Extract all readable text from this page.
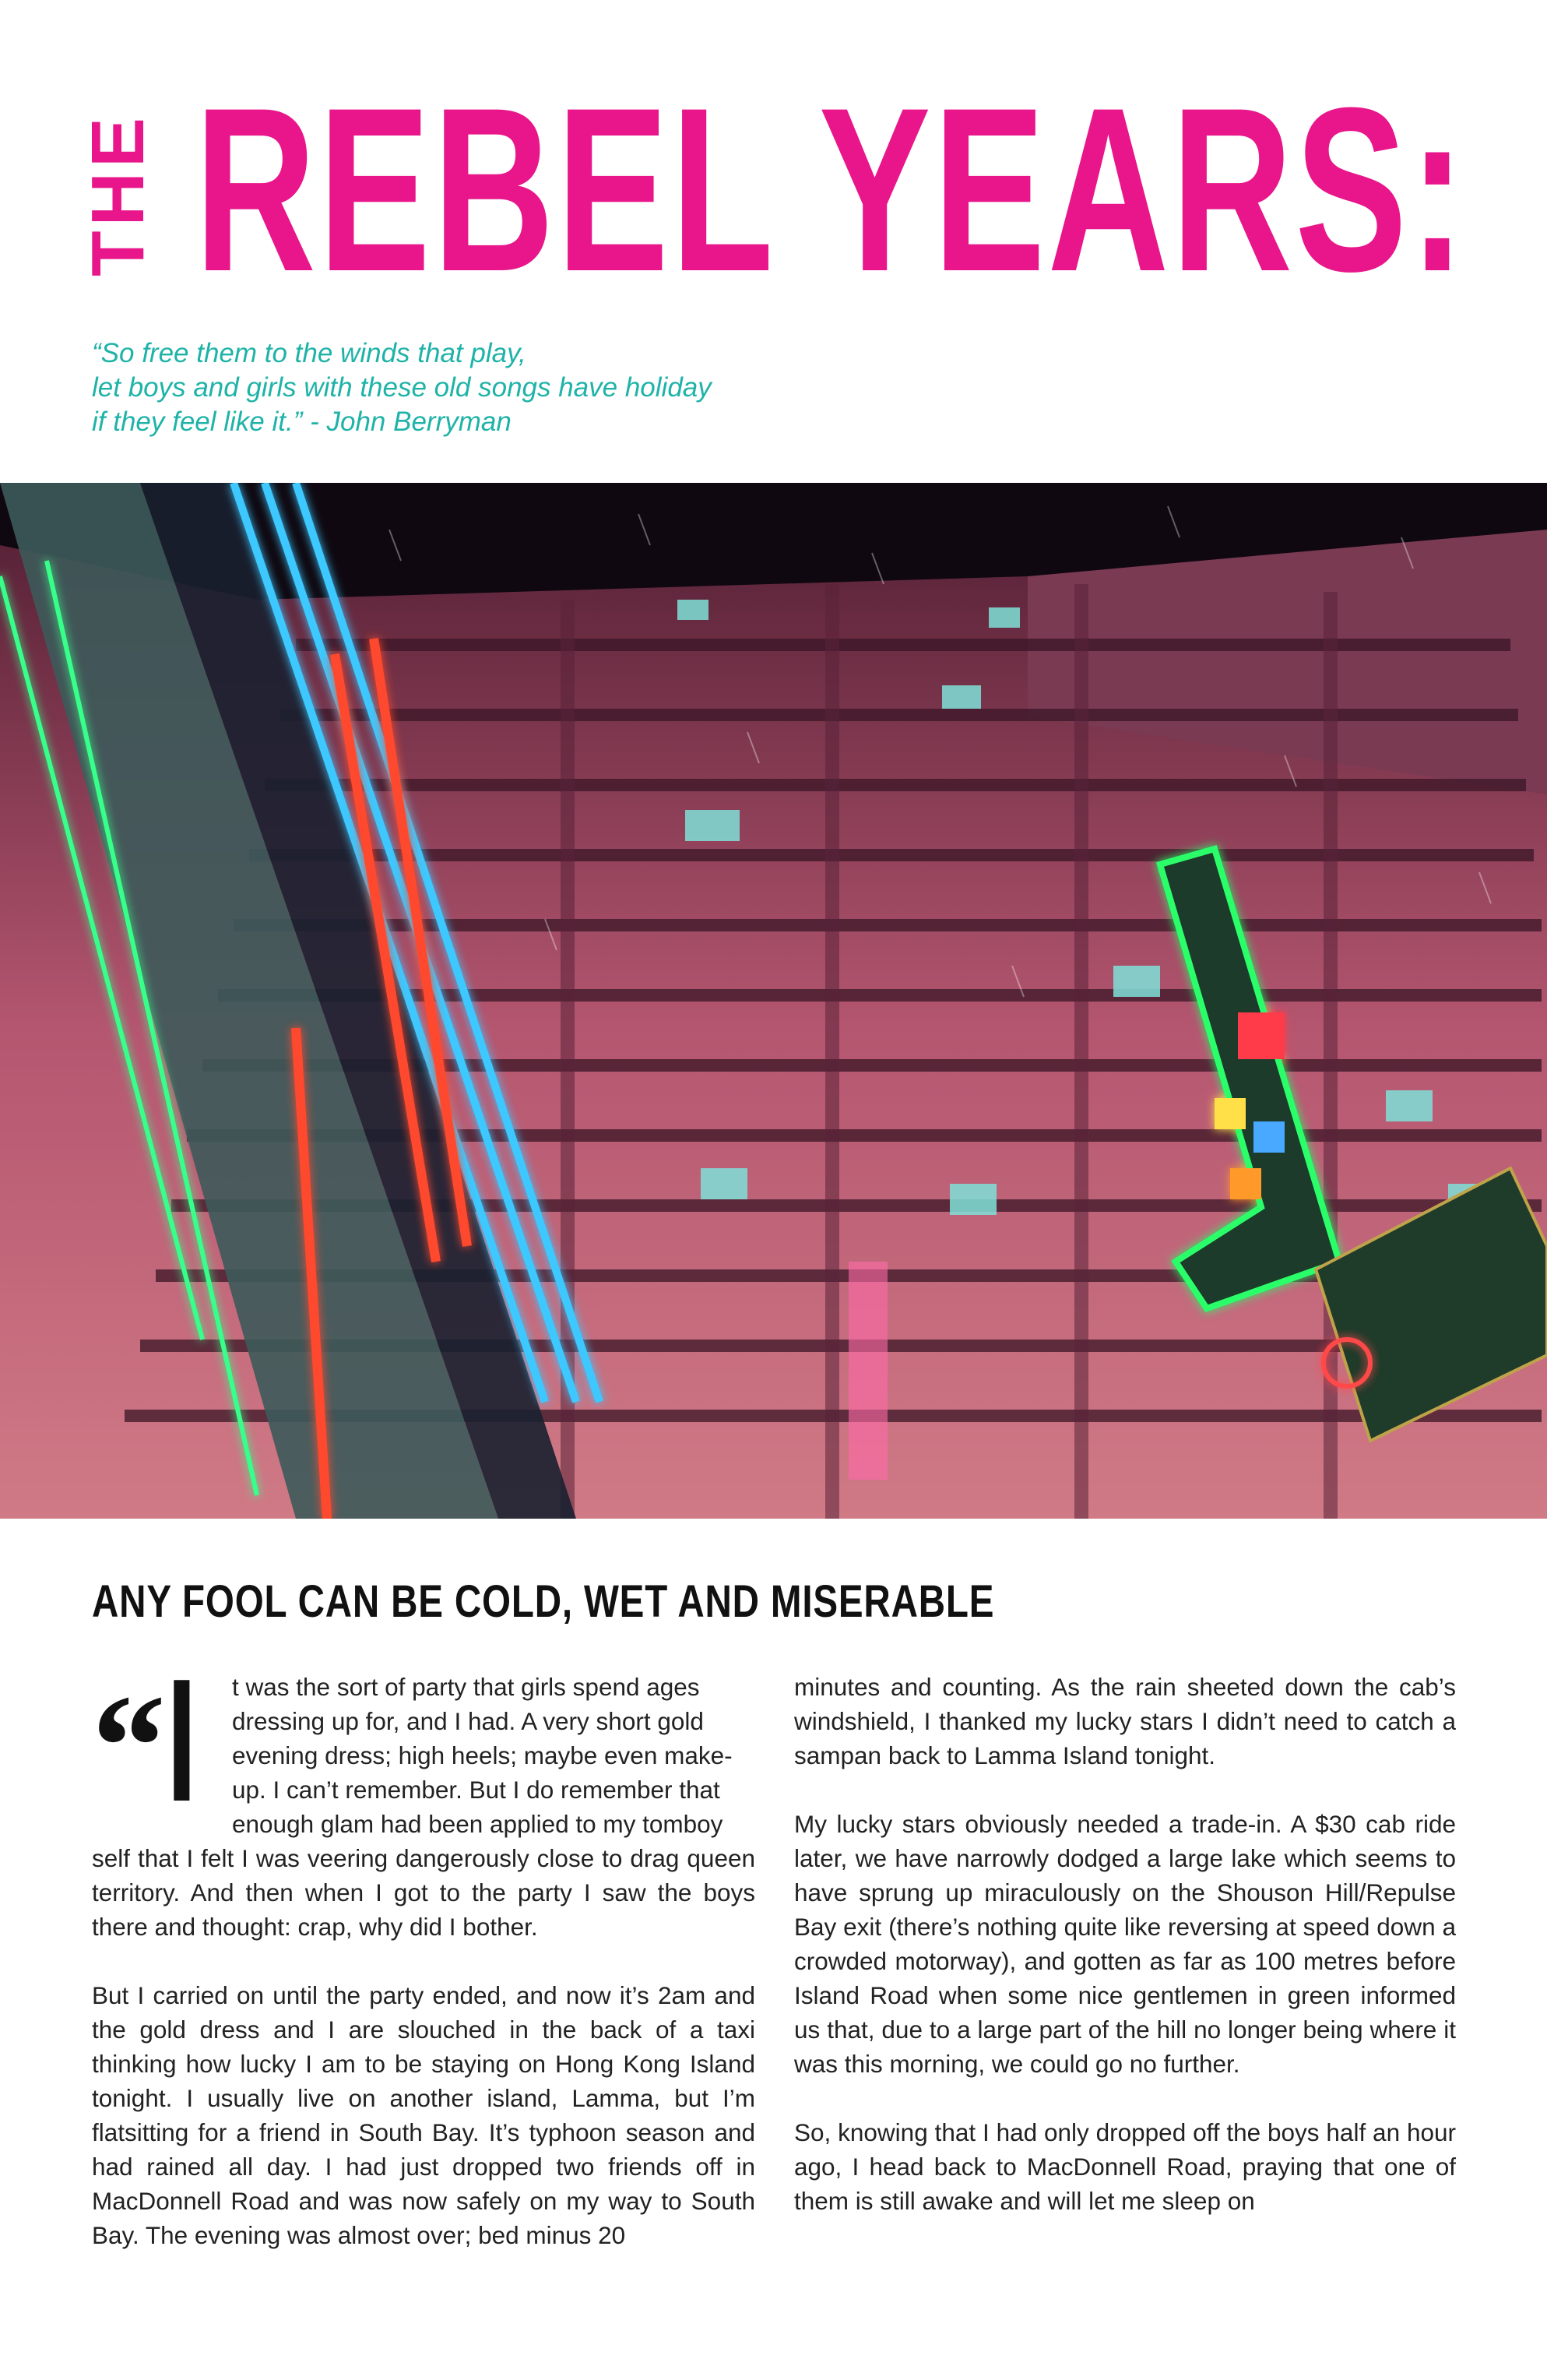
THE REBEL YEARS:
“So free them to the winds that play,
let boys and girls with these old songs have holiday
if they feel like it.” - John Berryman
ANY FOOL CAN BE COLD, WET AND MISERABLE
“ I t was the sort of party that girls spend ages
dressing up for, and I had. A very short gold
evening dress; high heels; maybe even make-
up. I can’t remember. But I do remember that
enough glam had been applied to my tomboy

self that I felt I was veering dangerously close to drag queen territory. And then when I got to the party I saw the boys there and thought: crap, why did I bother.

But I carried on until the party ended, and now it’s 2am and the gold dress and I are slouched in the back of a taxi thinking how lucky I am to be staying on Hong Kong Island tonight. I usually live on another island, Lamma, but I’m flatsitting for a friend in South Bay. It’s typhoon season and had rained all day. I had just dropped two friends off in MacDonnell Road and was now safely on my way to South Bay. The evening was almost over; bed minus 20

minutes and counting. As the rain sheeted down the cab’s windshield, I thanked my lucky stars I didn’t need to catch a sampan back to Lamma Island tonight.

My lucky stars obviously needed a trade-in. A $30 cab ride later, we have narrowly dodged a large lake which seems to have sprung up miraculously on the Shouson Hill/Repulse Bay exit (there’s nothing quite like reversing at speed down a crowded motorway), and gotten as far as 100 metres before Island Road when some nice gentlemen in green informed us that, due to a large part of the hill no longer being where it was this morning, we could go no further.

So, knowing that I had only dropped off the boys half an hour ago, I head back to MacDonnell Road, praying that one of them is still awake and will let me sleep on
